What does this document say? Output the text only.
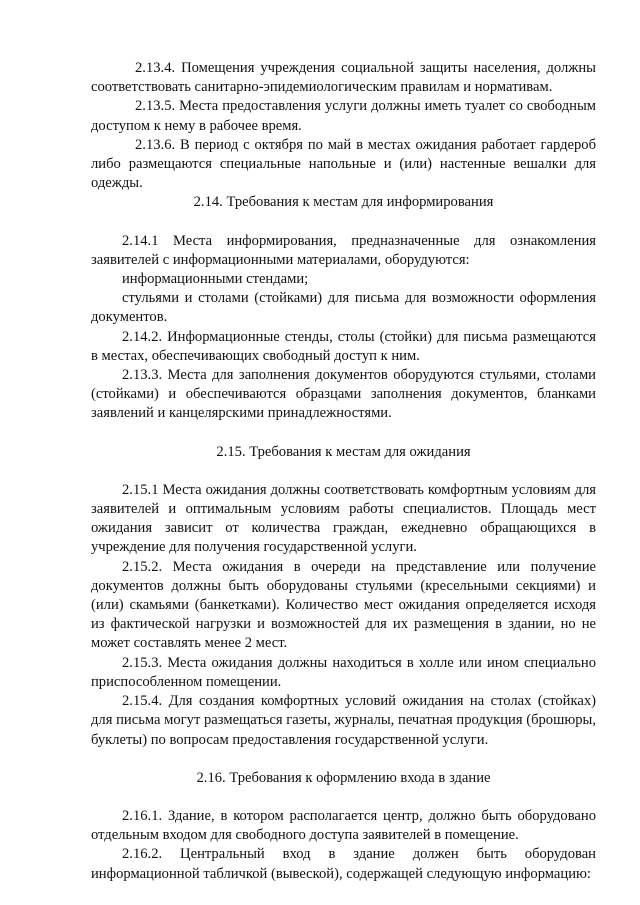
2.13.4. Помещения учреждения социальной защиты населения, должны соответствовать санитарно-эпидемиологическим правилам и нормативам.

2.13.5. Места предоставления услуги должны иметь туалет со свободным доступом к нему в рабочее время.

2.13.6. В период с октября по май в местах ожидания работает гардероб либо размещаются специальные напольные и (или) настенные вешалки для одежды.

2.14. Требования к местам для информирования

2.14.1 Места информирования, предназначенные для ознакомления заявителей с информационными материалами, оборудуются:

информационными стендами;

стульями и столами (стойками) для письма для возможности оформления документов.

2.14.2. Информационные стенды, столы (стойки) для письма размещаются в местах, обеспечивающих свободный доступ к ним.

2.13.3. Места для заполнения документов оборудуются стульями, столами (стойками) и обеспечиваются образцами заполнения документов, бланками заявлений и канцелярскими принадлежностями.

2.15. Требования к местам для ожидания

2.15.1 Места ожидания должны соответствовать комфортным условиям для заявителей и оптимальным условиям работы специалистов. Площадь мест ожидания зависит от количества граждан, ежедневно обращающихся в учреждение для получения государственной услуги.

2.15.2. Места ожидания в очереди на представление или получение документов должны быть оборудованы стульями (кресельными секциями) и (или) скамьями (банкетками). Количество мест ожидания определяется исходя из фактической нагрузки и возможностей для их размещения в здании, но не может составлять менее 2 мест.

2.15.3. Места ожидания должны находиться в холле или ином специально приспособленном помещении.

2.15.4. Для создания комфортных условий ожидания на столах (стойках) для письма могут размещаться газеты, журналы, печатная продукция (брошюры, буклеты) по вопросам предоставления государственной услуги.

2.16. Требования к оформлению входа в здание

2.16.1. Здание, в котором располагается центр, должно быть оборудовано отдельным входом для свободного доступа заявителей в помещение.

2.16.2. Центральный вход в здание должен быть оборудован информационной табличкой (вывеской), содержащей следующую информацию:
